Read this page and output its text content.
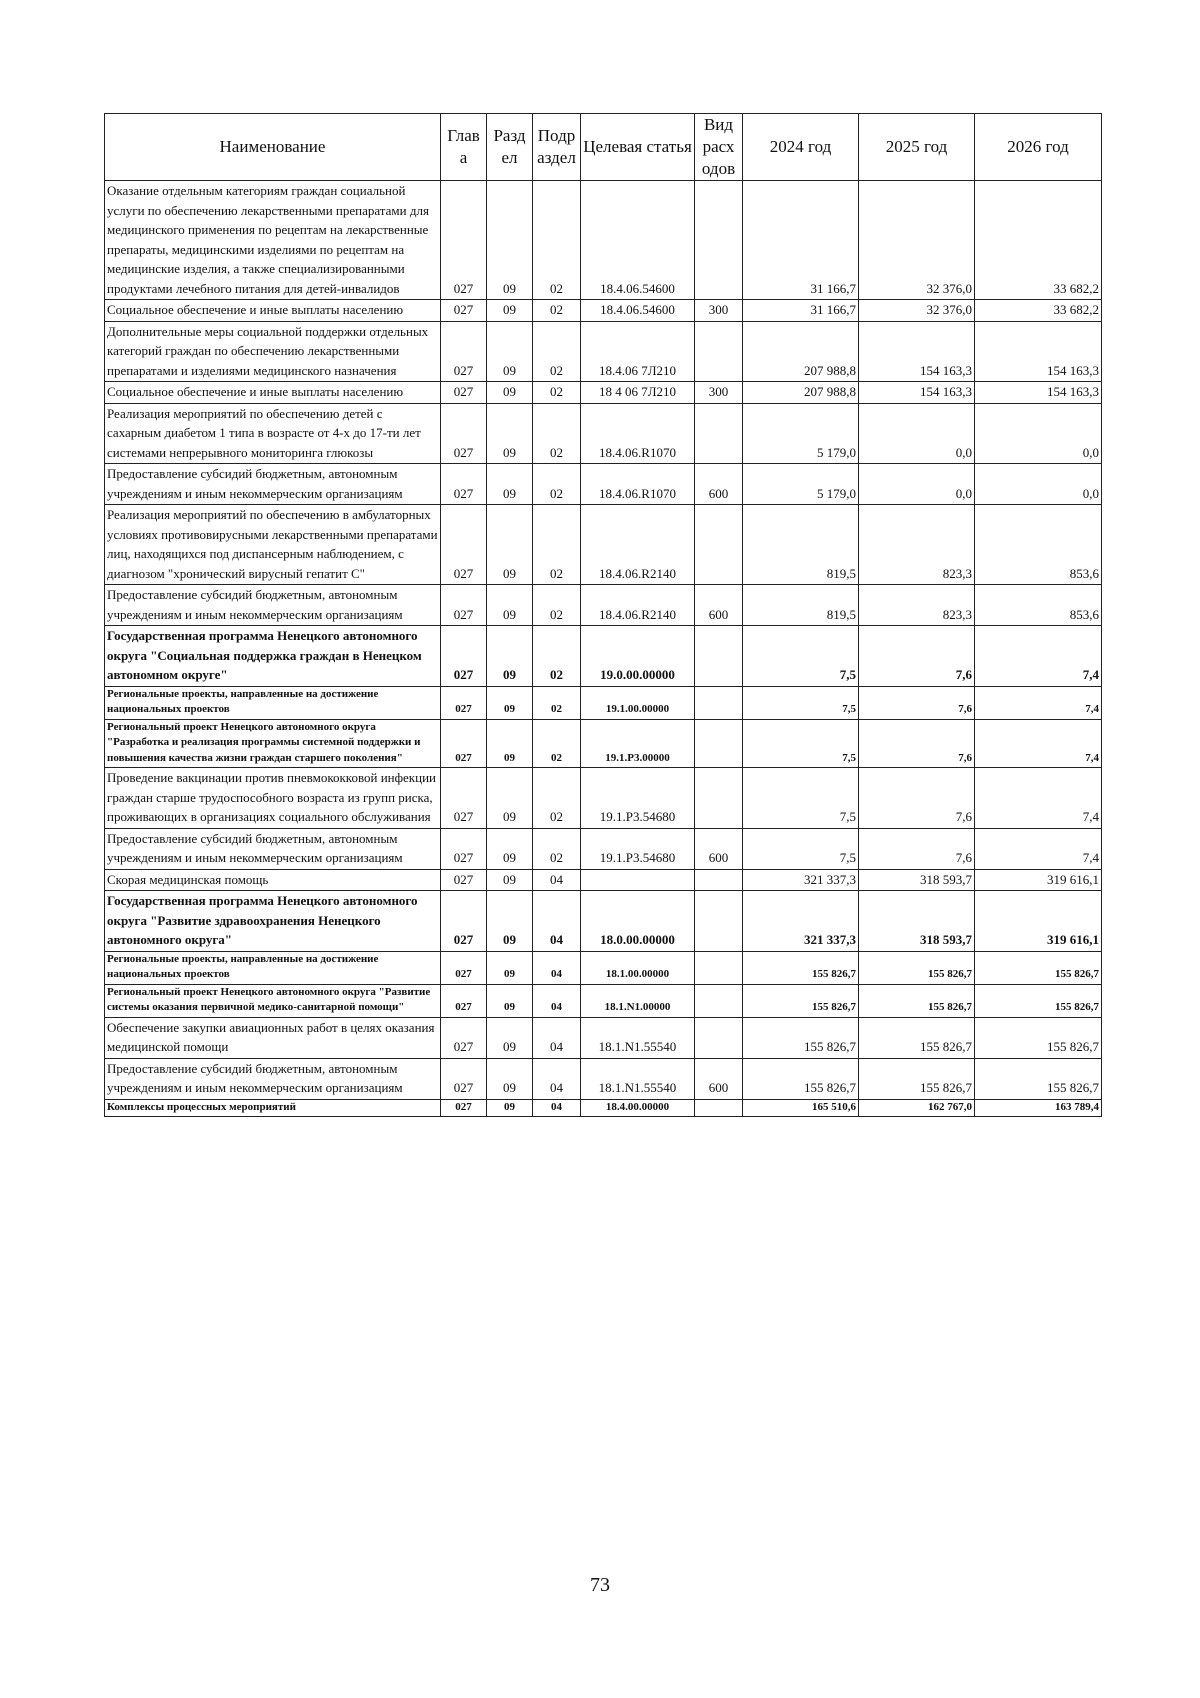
Наименование	Глав а	Разд ел	Подр аздел	Целевая статья	Вид расх одов	2024 год	2025 год	2026 год
Оказание отдельным категориям граждан социальной услуги по обеспечению лекарственными препаратами для медицинского применения по рецептам на лекарственные препараты, медицинскими изделиями по рецептам на медицинские изделия, а также специализированными продуктами лечебного питания для детей-инвалидов	027	09	02	18.4.06.54600		31 166,7	32 376,0	33 682,2
Социальное обеспечение и иные выплаты населению	027	09	02	18.4.06.54600	300	31 166,7	32 376,0	33 682,2
Дополнительные меры социальной поддержки отдельных категорий граждан по обеспечению лекарственными препаратами и изделиями медицинского назначения	027	09	02	18.4.06 7Л210		207 988,8	154 163,3	154 163,3
Социальное обеспечение и иные выплаты населению	027	09	02	18 4 06 7Л210	300	207 988,8	154 163,3	154 163,3
Реализация мероприятий по обеспечению детей с сахарным диабетом 1 типа в возрасте от 4-х до 17-ти лет системами непрерывного мониторинга глюкозы	027	09	02	18.4.06.R1070		5 179,0	0,0	0,0
Предоставление субсидий бюджетным, автономным учреждениям и иным некоммерческим организациям	027	09	02	18.4.06.R1070	600	5 179,0	0,0	0,0
Реализация мероприятий по обеспечению в амбулаторных условиях противовирусными лекарственными препаратами лиц, находящихся под диспансерным наблюдением, с диагнозом "хронический вирусный гепатит С"	027	09	02	18.4.06.R2140		819,5	823,3	853,6
Предоставление субсидий бюджетным, автономным учреждениям и иным некоммерческим организациям	027	09	02	18.4.06.R2140	600	819,5	823,3	853,6
Государственная программа Ненецкого автономного округа "Социальная поддержка граждан в Ненецком автономном округе"	027	09	02	19.0.00.00000		7,5	7,6	7,4
Региональные проекты, направленные на достижение национальных проектов	027	09	02	19.1.00.00000		7,5	7,6	7,4
Региональный проект Ненецкого автономного округа "Разработка и реализация программы системной поддержки и повышения качества жизни граждан старшего поколения"	027	09	02	19.1.P3.00000		7,5	7,6	7,4
Проведение вакцинации против пневмококковой инфекции граждан старше трудоспособного возраста из групп риска, проживающих в организациях социального обслуживания	027	09	02	19.1.P3.54680		7,5	7,6	7,4
Предоставление субсидий бюджетным, автономным учреждениям и иным некоммерческим организациям	027	09	02	19.1.P3.54680	600	7,5	7,6	7,4
Скорая медицинская помощь	027	09	04			321 337,3	318 593,7	319 616,1
Государственная программа Ненецкого автономного округа "Развитие здравоохранения Ненецкого автономного округа"	027	09	04	18.0.00.00000		321 337,3	318 593,7	319 616,1
Региональные проекты, направленные на достижение национальных проектов	027	09	04	18.1.00.00000		155 826,7	155 826,7	155 826,7
Региональный проект Ненецкого автономного округа "Развитие системы оказания первичной медико-санитарной помощи"	027	09	04	18.1.N1.00000		155 826,7	155 826,7	155 826,7
Обеспечение закупки авиационных работ в целях оказания медицинской помощи	027	09	04	18.1.N1.55540		155 826,7	155 826,7	155 826,7
Предоставление субсидий бюджетным, автономным учреждениям и иным некоммерческим организациям	027	09	04	18.1.N1.55540	600	155 826,7	155 826,7	155 826,7
Комплексы процессных мероприятий	027	09	04	18.4.00.00000		165 510,6	162 767,0	163 789,4
73
